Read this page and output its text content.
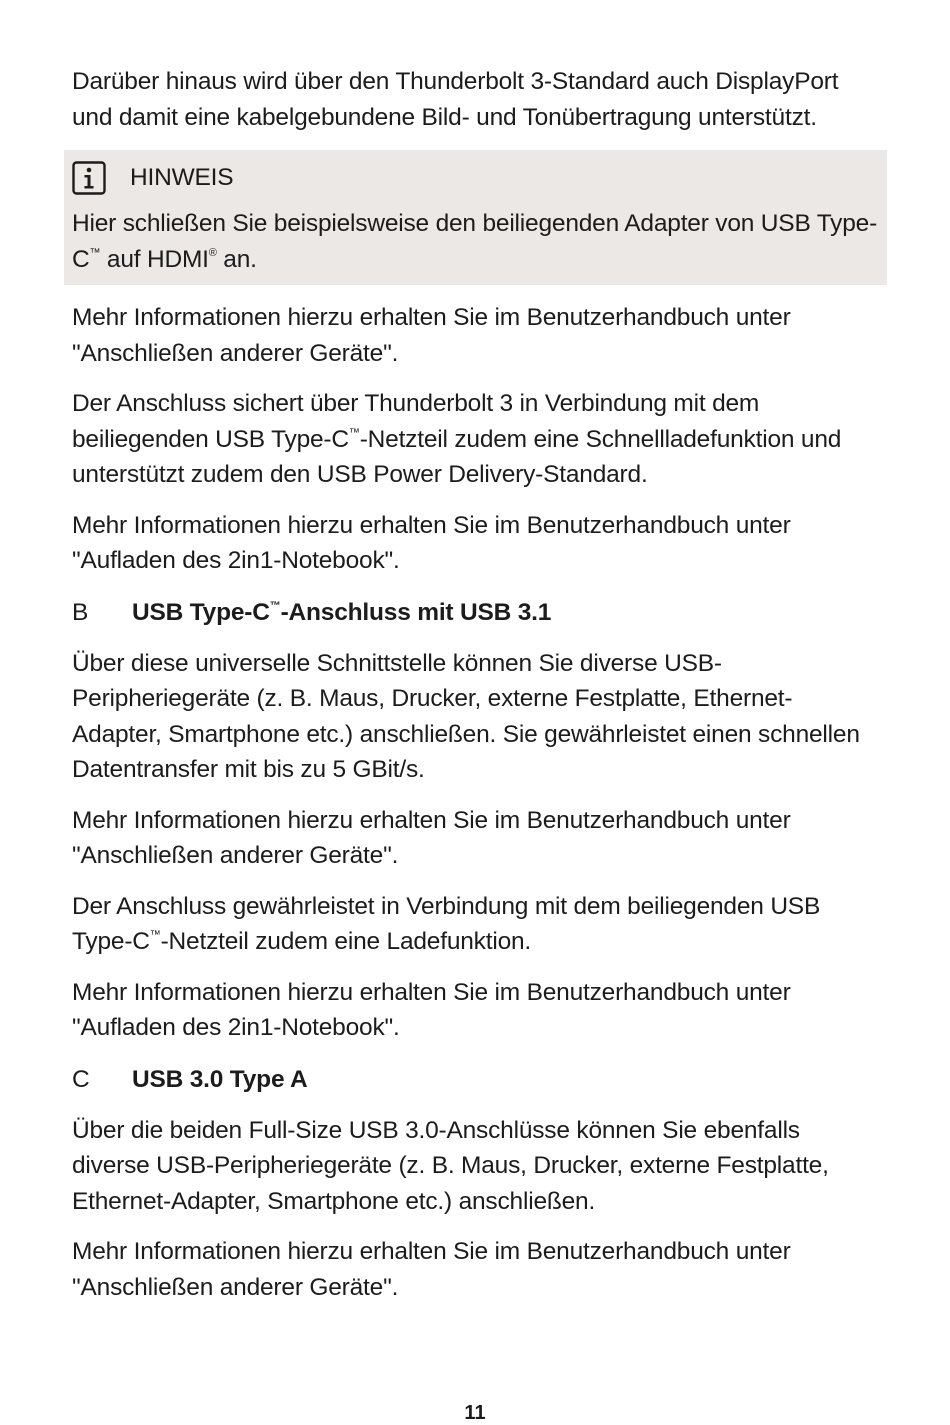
Darüber hinaus wird über den Thunderbolt 3-Standard auch DisplayPort und damit eine kabelgebundene Bild- und Tonübertragung unterstützt.

HINWEIS

Hier schließen Sie beispielsweise den beiliegenden Adapter von USB Type-C™ auf HDMI® an.

Mehr Informationen hierzu erhalten Sie im Benutzerhandbuch unter "Anschließen anderer Geräte".

Der Anschluss sichert über Thunderbolt 3 in Verbindung mit dem beiliegenden USB Type-C™-Netzteil zudem eine Schnellladefunktion und unterstützt zudem den USB Power Delivery-Standard.

Mehr Informationen hierzu erhalten Sie im Benutzerhandbuch unter "Aufladen des 2in1-Notebook".

B	USB Type-C™-Anschluss mit USB 3.1

Über diese universelle Schnittstelle können Sie diverse USB-Peripheriegeräte (z. B. Maus, Drucker, externe Festplatte, Ethernet-Adapter, Smartphone etc.) anschließen. Sie gewährleistet einen schnellen Datentransfer mit bis zu 5 GBit/s.

Mehr Informationen hierzu erhalten Sie im Benutzerhandbuch unter "Anschließen anderer Geräte".

Der Anschluss gewährleistet in Verbindung mit dem beiliegenden USB Type-C™-Netzteil zudem eine Ladefunktion.

Mehr Informationen hierzu erhalten Sie im Benutzerhandbuch unter "Aufladen des 2in1-Notebook".

C	USB 3.0 Type A

Über die beiden Full-Size USB 3.0-Anschlüsse können Sie ebenfalls diverse USB-Peripheriegeräte (z. B. Maus, Drucker, externe Festplatte, Ethernet-Adapter, Smartphone etc.) anschließen.

Mehr Informationen hierzu erhalten Sie im Benutzerhandbuch unter "Anschließen anderer Geräte".

11
